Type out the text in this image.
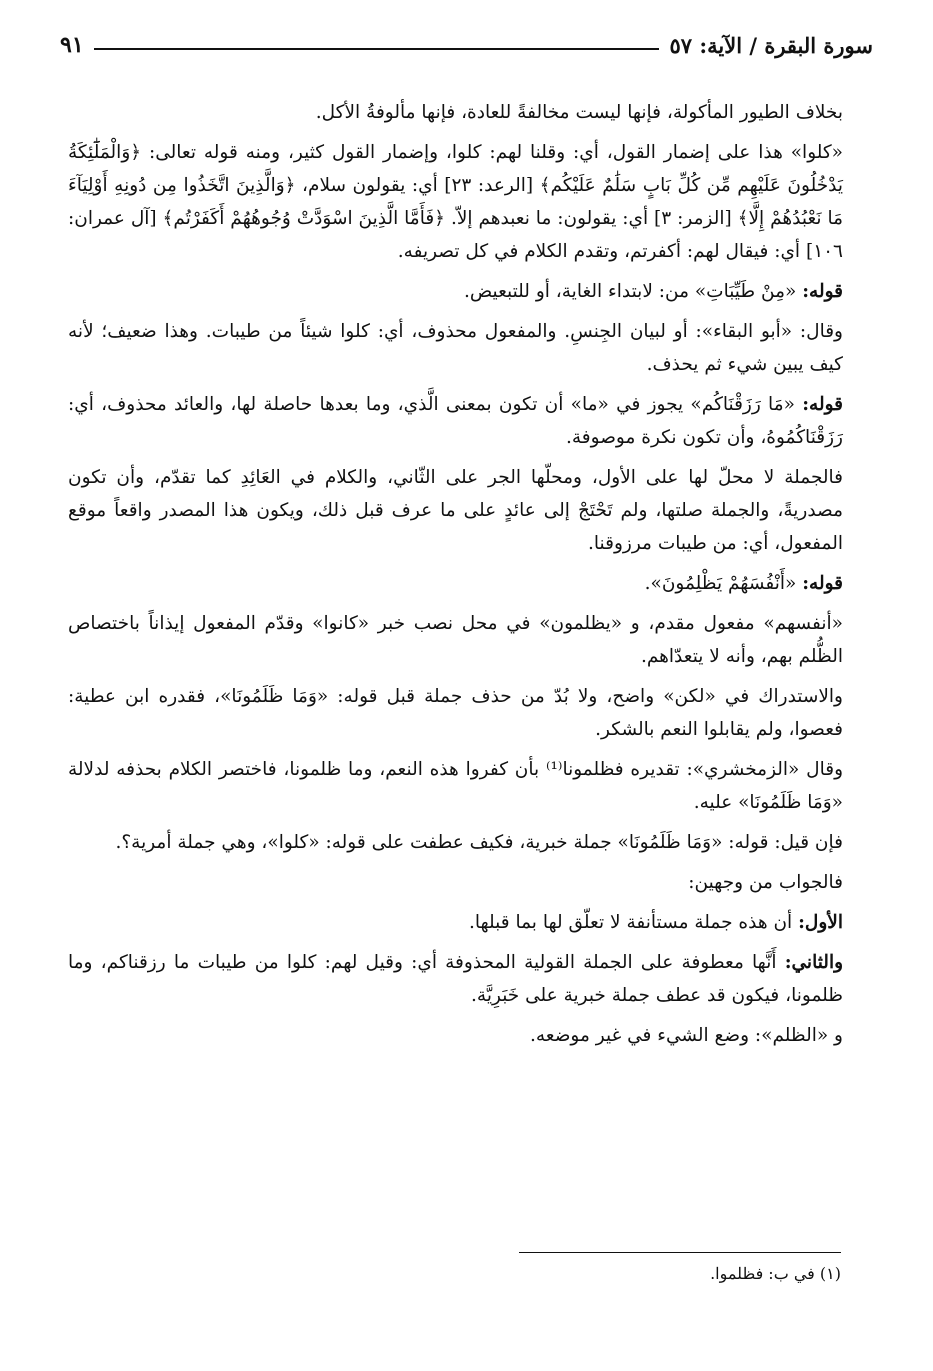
سورة البقرة / الآية: ٥٧
٩١

بخلاف الطيور المأكولة، فإنها ليست مخالفةً للعادة، فإنها مألوفةُ الأكل.

«كلوا» هذا على إضمار القول، أي: وقلنا لهم: كلوا، وإضمار القول كثير، ومنه قوله تعالى: ﴿وَالْمَلَٰٓئِكَةُ يَدْخُلُونَ عَلَيْهِم مِّن كُلِّ بَابٍ سَلَٰمٌ عَلَيْكُم﴾ [الرعد: ٢٣] أي: يقولون سلام، ﴿وَالَّذِينَ اتَّخَذُوا مِن دُونِهِ أَوْلِيَآءَ مَا نَعْبُدُهُمْ إِلَّا﴾ [الزمر: ٣] أي: يقولون: ما نعبدهم إلاّ. ﴿فَأَمَّا الَّذِينَ اسْوَدَّتْ وُجُوهُهُمْ أَكَفَرْتُم﴾ [آل عمران: ١٠٦] أي: فيقال لهم: أكفرتم، وتقدم الكلام في كل تصريفه.

قوله: «مِنْ طَيِّبَاتِ» من: لابتداء الغاية، أو للتبعيض.

وقال: «أبو البقاء»: أو لبيان الجِنسِ. والمفعول محذوف، أي: كلوا شيئاً من طيبات. وهذا ضعيف؛ لأنه كيف يبين شيء ثم يحذف.

قوله: «مَا رَزَقْنَاكُم» يجوز في «ما» أن تكون بمعنى الَّذي، وما بعدها حاصلة لها، والعائد محذوف، أي: رَزَقْنَاكُمُوهُ، وأن تكون نكرة موصوفة.

فالجملة لا محلّ لها على الأول، ومحلّها الجر على الثّاني، والكلام في العَائِدِ كما تقدّم، وأن تكون مصدريةً، والجملة صلتها، ولم تَحْتَجْ إلى عائدٍ على ما عرف قبل ذلك، ويكون هذا المصدر واقعاً موقع المفعول، أي: من طيبات مرزوقنا.

قوله: «أَنْفُسَهُمْ يَظْلِمُونَ».

«أنفسهم» مفعول مقدم، و «يظلمون» في محل نصب خبر «كانوا» وقدّم المفعول إيذاناً باختصاص الظُّلم بهم، وأنه لا يتعدّاهم.

والاستدراك في «لكن» واضح، ولا بُدّ من حذف جملة قبل قوله: «وَمَا ظَلَمُونَا»، فقدره ابن عطية: فعصوا، ولم يقابلوا النعم بالشكر.

وقال «الزمخشري»: تقديره فظلمونا⁽¹⁾ بأن كفروا هذه النعم، وما ظلمونا، فاختصر الكلام بحذفه لدلالة «وَمَا ظَلَمُونَا» عليه.

فإن قيل: قوله: «وَمَا ظَلَمُونَا» جملة خبرية، فكيف عطفت على قوله: «كلوا»، وهي جملة أمرية؟.

فالجواب من وجهين:

الأول: أن هذه جملة مستأنفة لا تعلّق لها بما قبلها.

والثاني: أَنَّها معطوفة على الجملة القولية المحذوفة أي: وقيل لهم: كلوا من طيبات ما رزقناكم، وما ظلمونا، فيكون قد عطف جملة خبرية على خَبَرِيَّة.

و «الظلم»: وضع الشيء في غير موضعه.

(١) في ب: فظلموا.
